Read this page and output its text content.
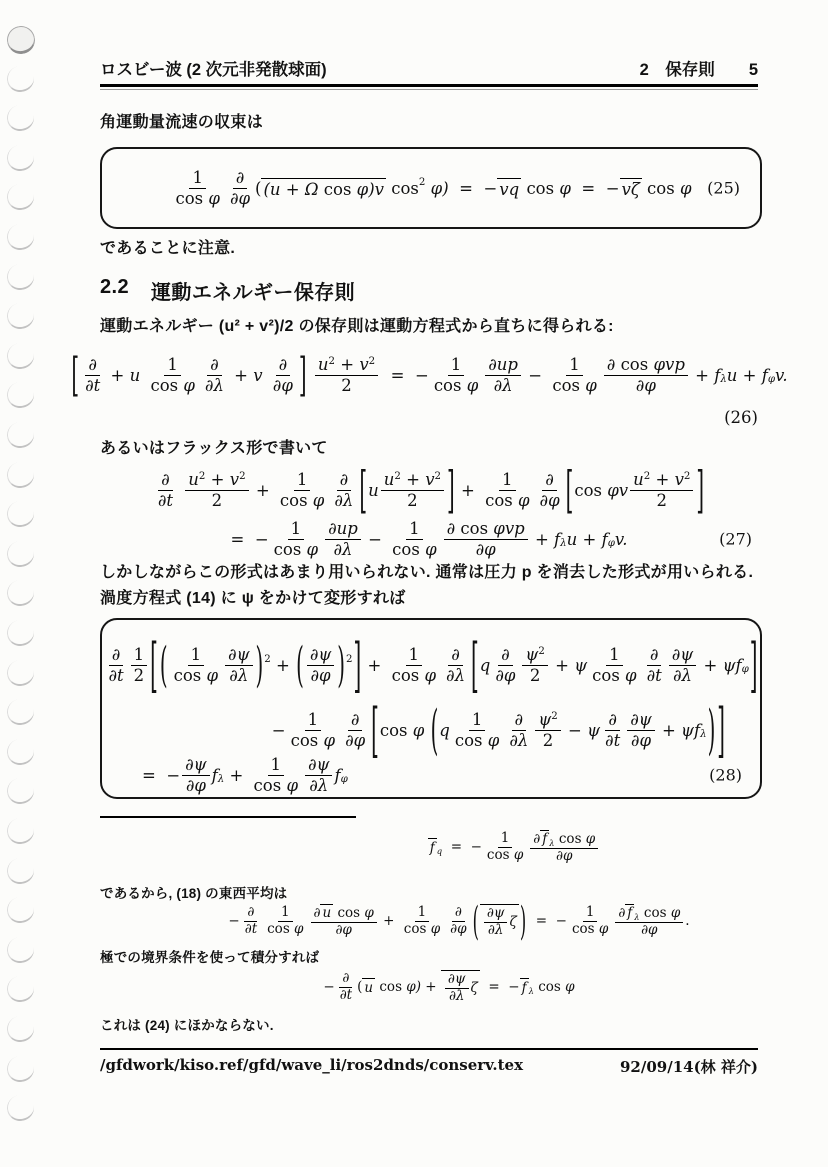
ロスビー波 (2 次元非発散球面)	2　保存則 5
角運動量流速の収束は
$\frac{1}{\text{cos φ}} \frac{\partial}{\partial\varphi}$ ( (u + Ω cos φ)v
cos 2 φ) =  − vq
cos φ =  − vζ
cos φ (25)
であることに注意.
2.2 運動エネルギー保存則
運動エネルギー (u² + v²)/2 の保存則は運動方程式から直ちに得られる:
[ $\frac{\partial}{\partial t} + u \frac{1}{\text{cos φ}} \frac{\partial}{\partial\lambda} + v \frac{\partial}{\partial\varphi}$ ]
$\frac{u^2 + v^2}{2}$ =  − $\frac{1}{\text{cos φ}} \frac{\partial up}{\partial\lambda} - \frac{1}{\text{cos φ}} \frac{\text{∂ cos φvp}}{\partial\varphi} + f$ λ u + f φ v.
(26)
あるいはフラックス形で書いて
$\frac{\partial}{\partial t}$
$\frac{u^2 + v^2}{2} + \frac{1}{\text{cos φ}} \frac{\partial}{\partial\lambda}$ [ u $\frac{u^2 + v^2}{2}$ ] + $\frac{1}{\text{cos φ}} \frac{\partial}{\partial\varphi}$ [ cos φv $\frac{u^2 + v^2}{2}$ ]
=  − $\frac{1}{\text{cos φ}} \frac{\partial up}{\partial\lambda} - \frac{1}{\text{cos φ}} \frac{\text{∂ cos φvp}}{\partial\varphi} + f$ λ u + f φ v.	(27)
しかしながらこの形式はあまり用いられない. 通常は圧力 p を消去した形式が用いられる.
渦度方程式 (14) に ψ をかけて変形すれば
$\frac{\partial}{\partial t} \frac{1}{2}$ [ ( $\frac{1}{\text{cos φ}} \frac{\partial\psi}{\partial\lambda}$ ) 2 + ( $\frac{\partial\psi}{\partial\varphi}$ ) 2 ] + $\frac{1}{\text{cos φ}} \frac{\partial}{\partial\lambda}$ [ q $\frac{\partial}{\partial\varphi} \frac{\psi^2}{2} + \psi \frac{1}{\text{cos φ}} \frac{\partial}{\partial t} \frac{\partial\psi}{\partial\lambda} + \psi f$ φ ]
− $\frac{1}{\text{cos φ}} \frac{\partial}{\partial\varphi}$ [ cos φ ( q $\frac{1}{\text{cos φ}} \frac{\partial}{\partial\lambda} \frac{\psi^2}{2} - \psi \frac{\partial}{\partial t} \frac{\partial\psi}{\partial\varphi} + \psi f$ λ ) ]
=  − $\frac{\partial\psi}{\partial\varphi}$ f $\lambda + \frac{1}{\text{cos φ}} \frac{\partial\psi}{\partial\lambda}$ f φ	(28)
f q =  − $\frac{1}{\text{cos φ}} \frac{\partial f _\lambda \cos \varphi}{\partial\varphi}$
であるから, (18) の東西平均は
− $\frac{\partial}{\partial t} \frac{1}{\text{cos φ}} \frac{\text{∂ u cos φ}}{\partial\varphi} + \frac{1}{\text{cos φ}} \frac{\partial}{\partial\varphi}$ ( $\frac{\partial\psi}{\partial\lambda}$ ζ ) =  − $\frac{1}{\text{cos φ}} \frac{\partial f _\lambda \cos \varphi}{\partial\varphi}$ .
極での境界条件を使って積分すれば
− $\frac{\partial}{\partial t}$ ( u
$\cos \varphi) + \frac{\partial\psi}{\partial\lambda}$ ζ =  − f λ
cos φ
これは (24) にほかならない.
/gfdwork/kiso.ref/gfd/wave_li/ros2dnds/conserv.tex	92/09/14(林 祥介)
